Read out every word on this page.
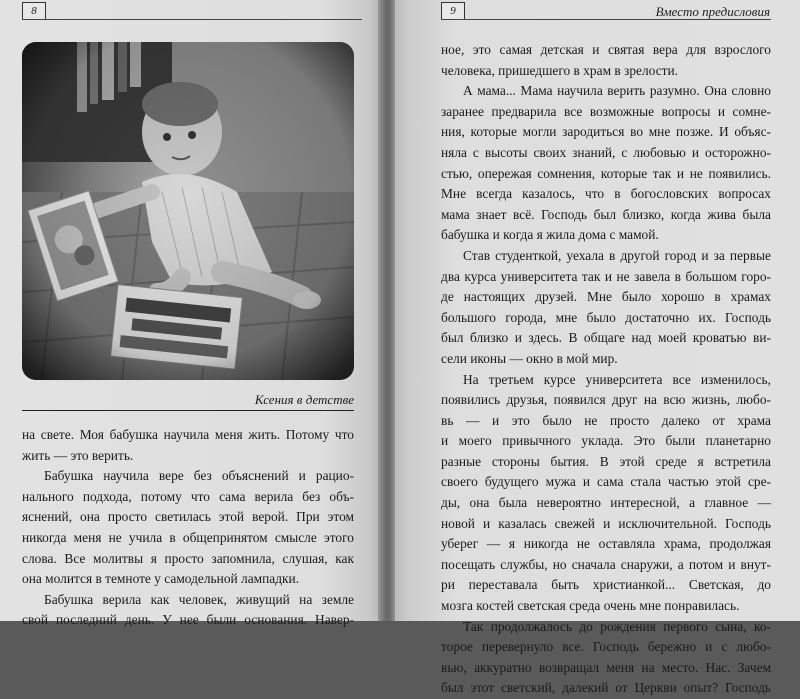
8
Ксения в детстве
на свете. Моя бабушка научила меня жить. Потому что
жить — это верить.
Бабушка научила вере без объяснений и рацио-
нального подхода, потому что сама верила без объ-
яснений, она просто светилась этой верой. При этом
никогда меня не учила в общепринятом смысле этого
слова. Все молитвы я просто запомнила, слушая, как
она молится в темноте у самодельной лампадки.
Бабушка верила как человек, живущий на земле
свой последний день. У нее были основания. Навер-
9	Вместо предисловия
ное, это самая детская и святая вера для взрослого
человека, пришедшего в храм в зрелости.
А мама... Мама научила верить разумно. Она словно
заранее предварила все возможные вопросы и сомне-
ния, которые могли зародиться во мне позже. И объяс-
няла с высоты своих знаний, с любовью и осторожно-
стью, опережая сомнения, которые так и не появились.
Мне всегда казалось, что в богословских вопросах
мама знает всё. Господь был близко, когда жива была
бабушка и когда я жила дома с мамой.
Став студенткой, уехала в другой город и за первые
два курса университета так и не завела в большом горо-
де настоящих друзей. Мне было хорошо в храмах
большого города, мне было достаточно их. Господь
был близко и здесь. В общаге над моей кроватью ви-
сели иконы — окно в мой мир.
На третьем курсе университета все изменилось,
появились друзья, появился друг на всю жизнь, любо-
вь — и это было не просто далеко от храма
и моего привычного уклада. Это были планетарно
разные стороны бытия. В этой среде я встретила
своего будущего мужа и сама стала частью этой сре-
ды, она была невероятно интересной, а главное —
новой и казалась свежей и исключительной. Господь
уберег — я никогда не оставляла храма, продолжая
посещать службы, но сначала снаружи, а потом и внут-
ри переставала быть христианкой... Светская, до
мозга костей светская среда очень мне понравилась.
Так продолжалось до рождения первого сына, ко-
торое перевернуло все. Господь бережно и с любо-
вью, аккуратно возвращал меня на место. Нас. Зачем
был этот светский, далекий от Церкви опыт? Господь
